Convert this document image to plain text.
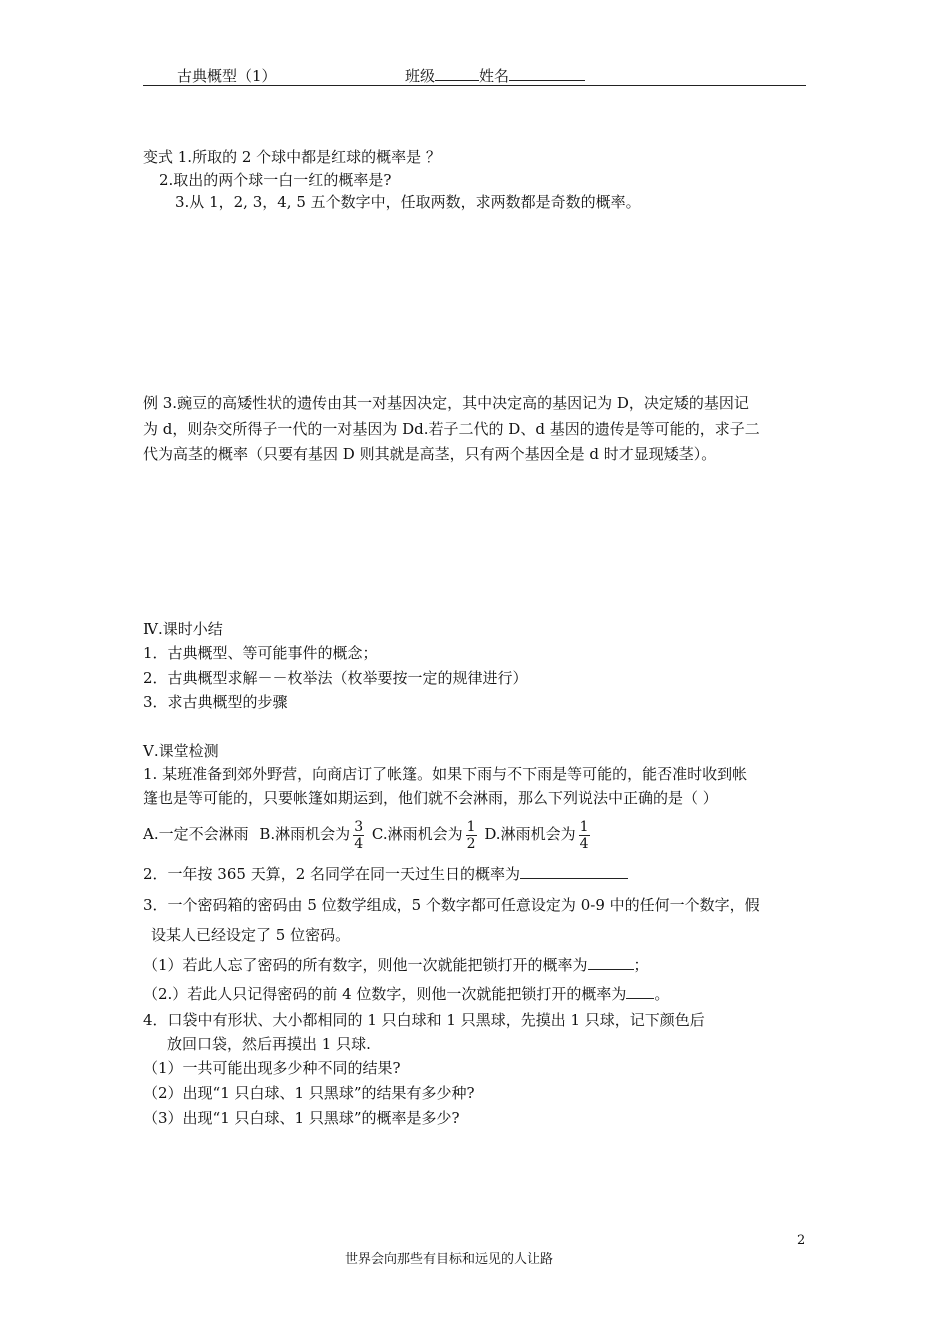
古典概型（1）	班级	姓名
变式 1.所取的 2 个球中都是红球的概率是 ？
2.取出的两个球一白一红的概率是?
3.从 1，2, 3，4, 5 五个数字中，任取两数，求两数都是奇数的概率。
例 3.豌豆的高矮性状的遗传由其一对基因决定，其中决定高的基因记为 D，决定矮的基因记
为 d，则杂交所得子一代的一对基因为 Dd.若子二代的 D、d 基因的遗传是等可能的，求子二
代为高茎的概率（只要有基因 D 则其就是高茎，只有两个基因全是 d 时才显现矮茎）。
Ⅳ.课时小结
1．古典概型、等可能事件的概念；
2．古典概型求解－－枚举法（枚举要按一定的规律进行）
3．求古典概型的步骤
Ⅴ.课堂检测
1. 某班准备到郊外野营，向商店订了帐篷。如果下雨与不下雨是等可能的，能否准时收到帐
篷也是等可能的，只要帐篷如期运到，他们就不会淋雨，那么下列说法中正确的是（ ）
A.一定不会淋雨 B.淋雨机会为 $\frac{3}{4} C$.淋雨机会为 $\frac{1}{2} D$.淋雨机会为 $\frac{1}{4}$
2．一年按 365 天算，2 名同学在同一天过生日的概率为
3．一个密码箱的密码由 5 位数学组成，5 个数字都可任意设定为 0-9 中的任何一个数字，假
设某人已经设定了 5 位密码。
（1）若此人忘了密码的所有数字，则他一次就能把锁打开的概率为	；
（2.）若此人只记得密码的前 4 位数字，则他一次就能把锁打开的概率为 。
4．口袋中有形状、大小都相同的 1 只白球和 1 只黑球，先摸出 1 只球，记下颜色后
放回口袋，然后再摸出 1 只球.
（1）一共可能出现多少种不同的结果?
（2）出现“1 只白球、1 只黑球”的结果有多少种?
（3）出现“1 只白球、1 只黑球”的概率是多少?
2
世界会向那些有目标和远见的人让路
